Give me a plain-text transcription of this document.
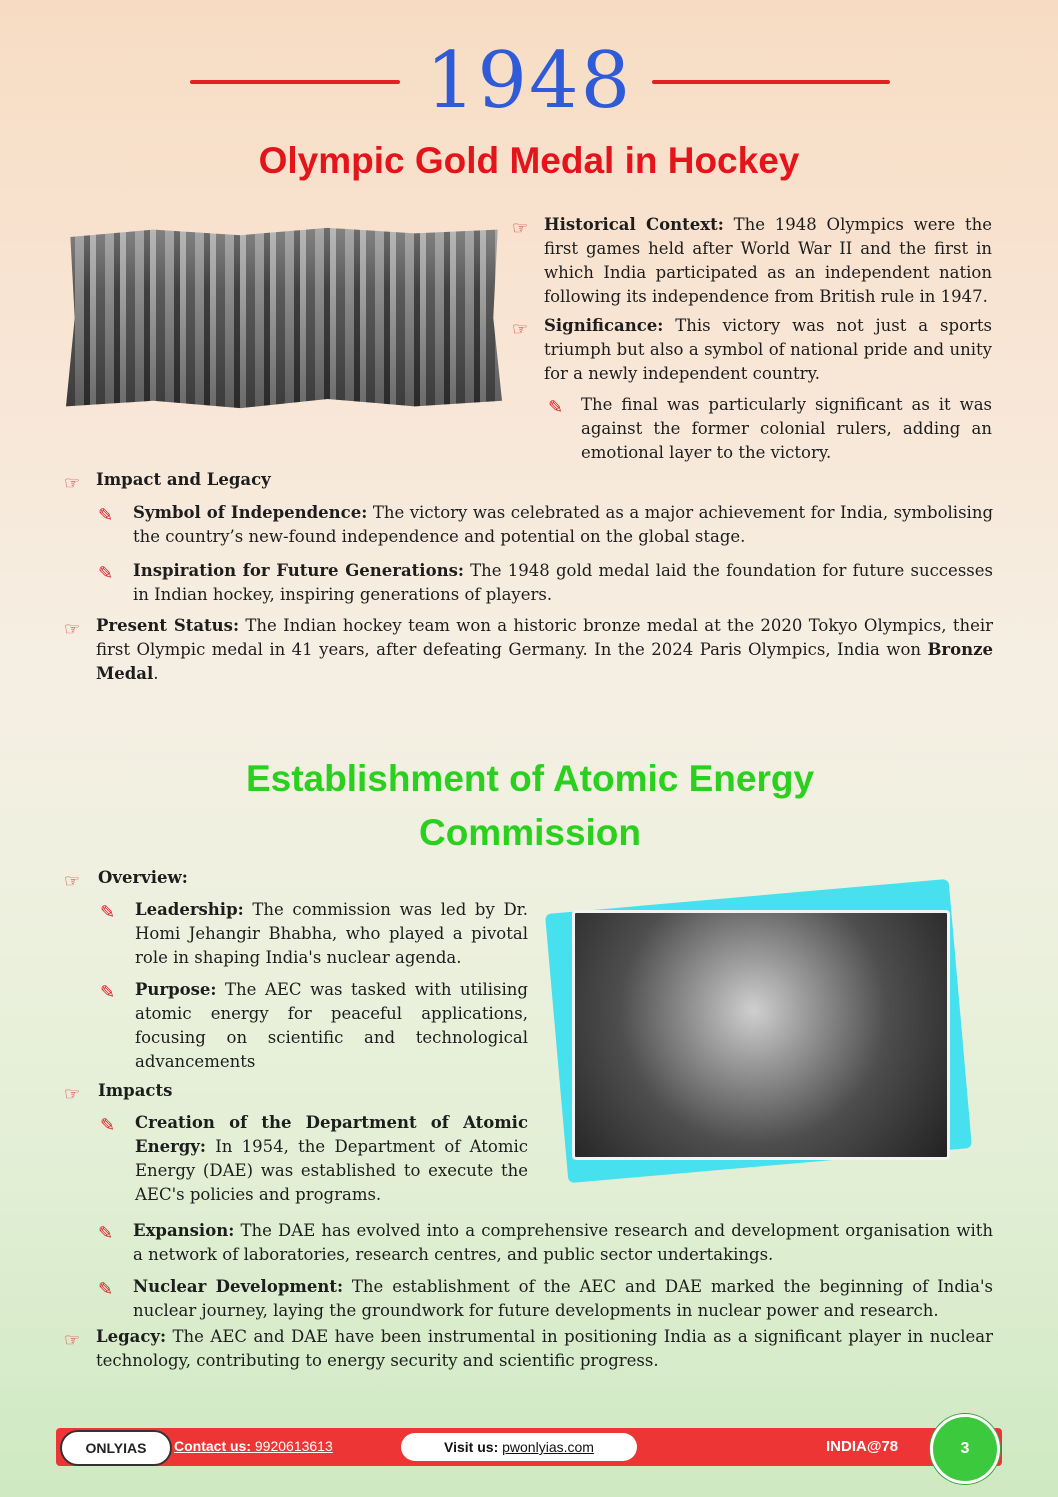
1948
Olympic Gold Medal in Hockey
☞ Historical Context: The 1948 Olympics were the first games held after World War II and the first in which India participated as an independent nation following its independence from British rule in 1947.
☞ Significance: This victory was not just a sports triumph but also a symbol of national pride and unity for a newly independent country.
✎ The final was particularly significant as it was against the former colonial rulers, adding an emotional layer to the victory.
☞ Impact and Legacy
✎ Symbol of Independence: The victory was celebrated as a major achievement for India, symbolising the country’s new-found independence and potential on the global stage.
✎ Inspiration for Future Generations: The 1948 gold medal laid the foundation for future successes in Indian hockey, inspiring generations of players.
☞ Present Status: The Indian hockey team won a historic bronze medal at the 2020 Tokyo Olympics, their first Olympic medal in 41 years, after defeating Germany. In the 2024 Paris Olympics, India won Bronze Medal.
Establishment of Atomic Energy
Commission
☞ Overview:
✎ Leadership: The commission was led by Dr. Homi Jehangir Bhabha, who played a pivotal role in shaping India's nuclear agenda.
✎ Purpose: The AEC was tasked with utilising atomic energy for peaceful applications, focusing on scientific and technological advancements
☞ Impacts
✎ Creation of the Department of Atomic Energy: In 1954, the Department of Atomic Energy (DAE) was established to execute the AEC's policies and programs.
✎ Expansion: The DAE has evolved into a comprehensive research and development organisation with a network of laboratories, research centres, and public sector undertakings.
✎ Nuclear Development: The establishment of the AEC and DAE marked the beginning of India's nuclear journey, laying the groundwork for future developments in nuclear power and research.
☞ Legacy: The AEC and DAE have been instrumental in positioning India as a significant player in nuclear technology, contributing to energy security and scientific progress.
ONLYIAS	Contact us: 9920613613	Visit us: pwonlyias.com	INDIA@78	3
